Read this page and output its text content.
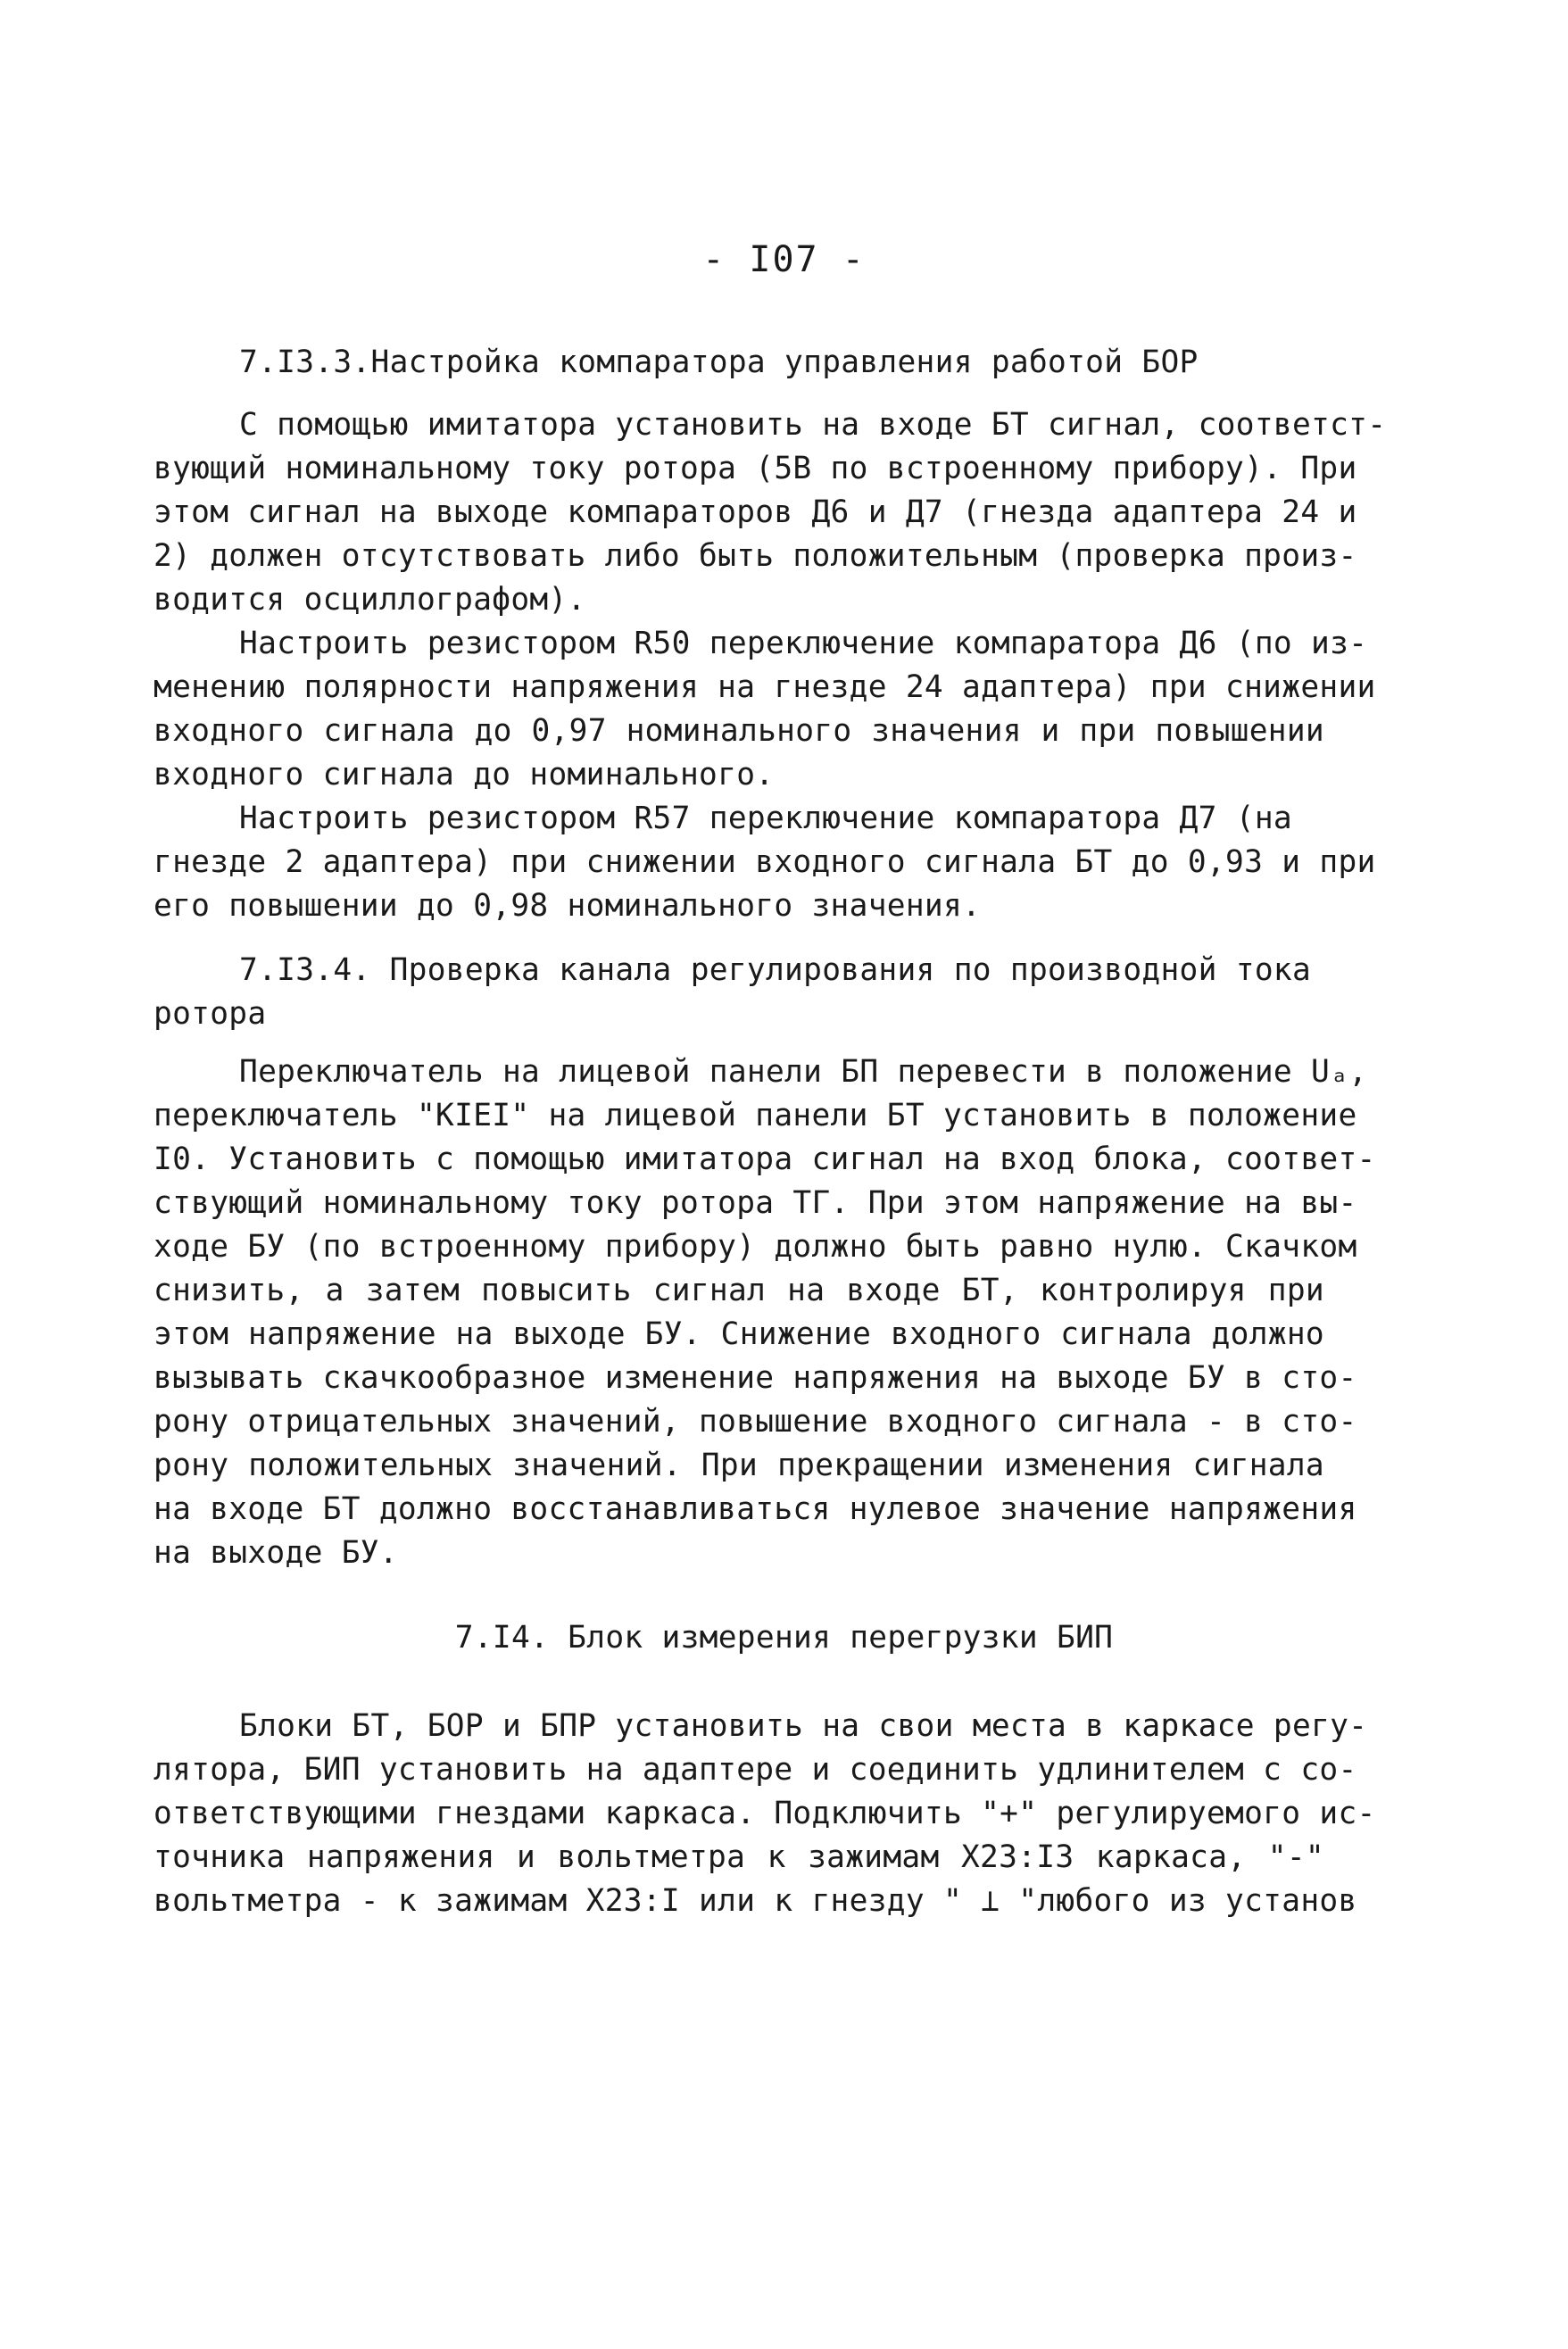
- I07 -
7.I3.3.Настройка компаратора управления работой БОР
С помощью имитатора установить на входе БТ сигнал, соответст-
вующий номинальному току ротора (5В по встроенному прибору). При
этом сигнал на выходе компараторов Д6 и Д7 (гнезда адаптера 24 и
2) должен отсутствовать либо быть положительным (проверка произ-
водится осциллографом).
Настроить резистором R50 переключение компаратора Д6 (по из-
менению полярности напряжения на гнезде 24 адаптера) при снижении
входного сигнала до 0,97 номинального значения и при повышении
входного сигнала до номинального.
Настроить резистором R57 переключение компаратора Д7 (на
гнезде 2 адаптера) при снижении входного сигнала БТ до 0,93 и при
его повышении до 0,98 номинального значения.
7.I3.4. Проверка канала регулирования по производной тока
ротора
Переключатель на лицевой панели БП перевести в положение Uₐ,
переключатель "KIEI" на лицевой панели БТ установить в положение
I0. Установить с помощью имитатора сигнал на вход блока, соответ-
ствующий номинальному току ротора ТГ. При этом напряжение на вы-
ходе БУ (по встроенному прибору) должно быть равно нулю. Скачком
снизить, а затем повысить сигнал на входе БТ, контролируя при
этом напряжение на выходе БУ. Снижение входного сигнала должно
вызывать скачкообразное изменение напряжения на выходе БУ в сто-
рону отрицательных значений, повышение входного сигнала - в сто-
рону положительных значений. При прекращении изменения сигнала
на входе БТ должно восстанавливаться нулевое значение напряжения
на выходе БУ.
7.I4. Блок измерения перегрузки БИП
Блоки БТ, БОР и БПР установить на свои места в каркасе регу-
лятора, БИП установить на адаптере и соединить удлинителем с со-
ответствующими гнездами каркаса. Подключить "+" регулируемого ис-
точника напряжения и вольтметра к зажимам Х23:I3 каркаса, "-"
вольтметра - к зажимам Х23:I или к гнезду " ⊥ "любого из установ
